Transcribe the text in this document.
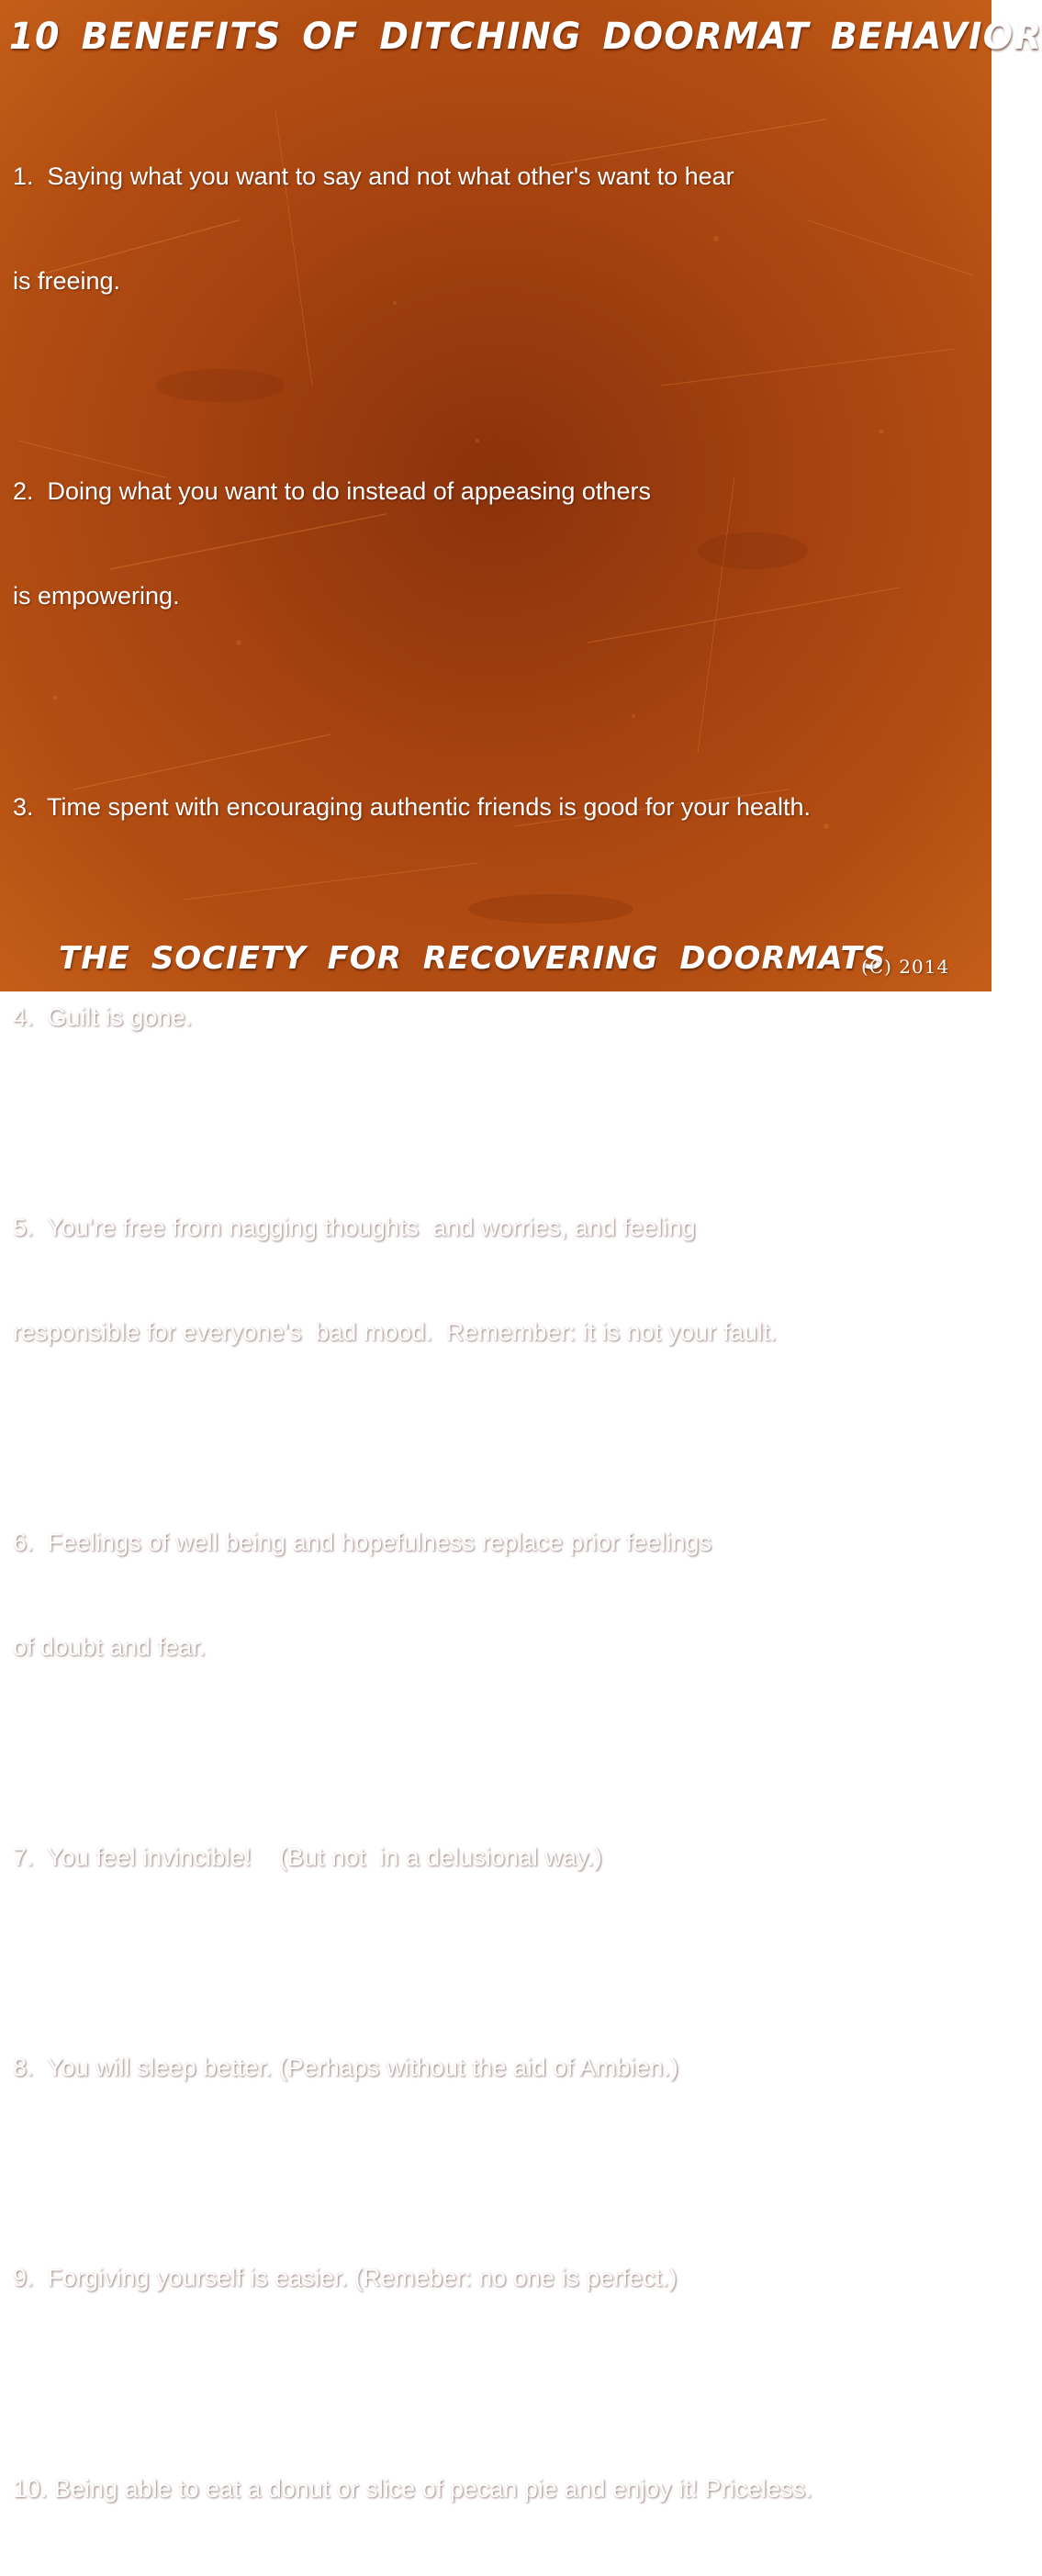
10 BENEFITS OF DITCHING DOORMAT BEHAVIOR

1.  Saying what you want to say and not what other's want to hear

is freeing.

2.  Doing what you want to do instead of appeasing others

is empowering.

3.  Time spent with encouraging authentic friends is good for your health.

4.  Guilt is gone.

5.  You're free from nagging thoughts  and worries, and feeling

responsible for everyone's  bad mood.  Remember: it is not your fault.

6.  Feelings of well being and hopefulness replace prior feelings

of doubt and fear.

7.  You feel invincible!    (But not  in a delusional way.)

8.  You will sleep better. (Perhaps without the aid of Ambien.)

9.  Forgiving yourself is easier. (Remeber: no one is perfect.)

10. Being able to eat a donut or slice of pecan pie and enjoy it! Priceless.

THE SOCIETY FOR RECOVERING DOORMATS
(C) 2014
